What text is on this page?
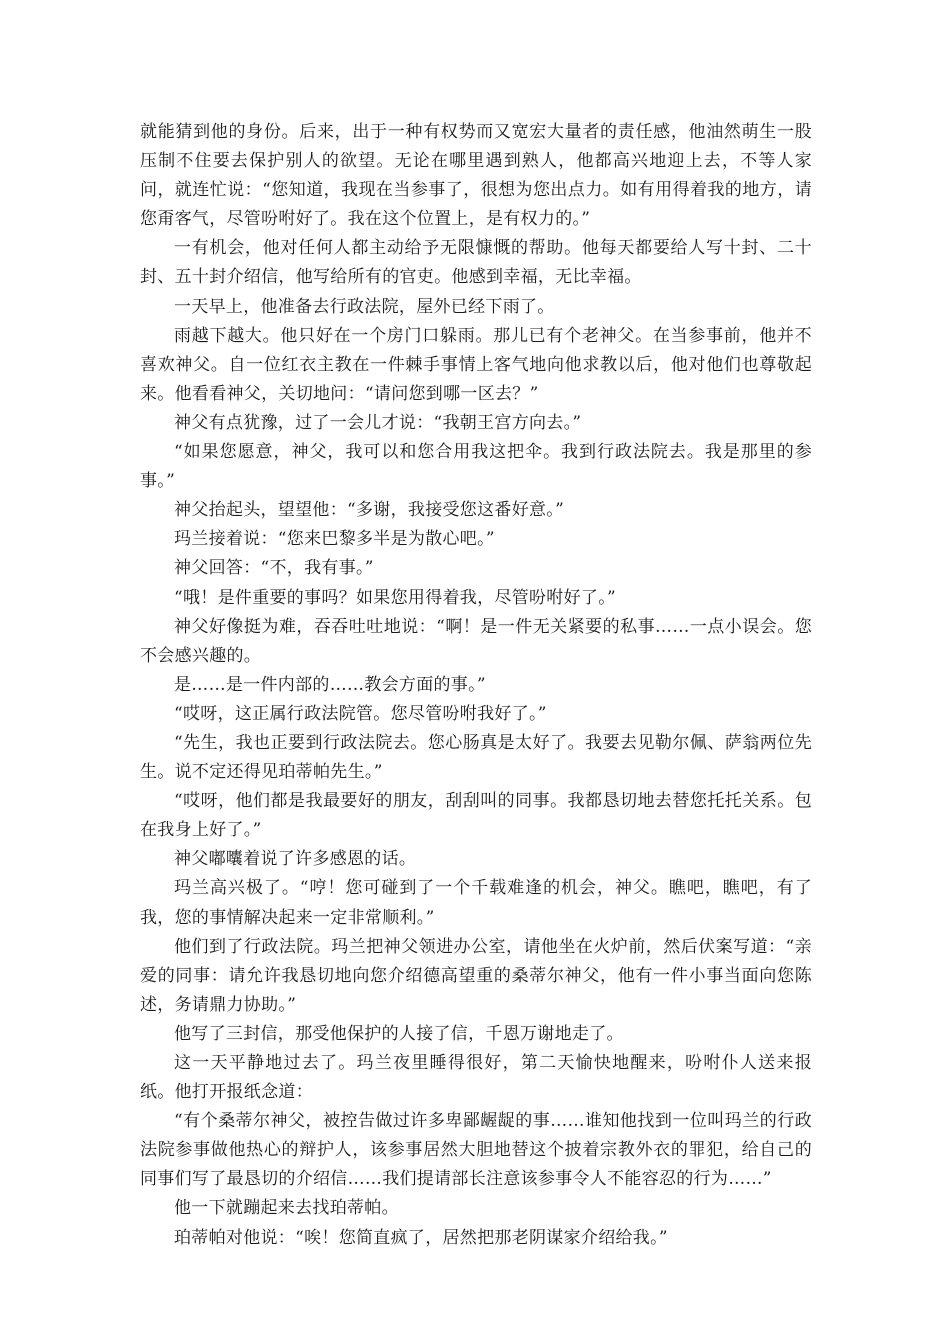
就能猜到他的身份。后来，出于一种有权势而又宽宏大量者的责任感，他油然萌生一股压制不住要去保护别人的欲望。无论在哪里遇到熟人，他都高兴地迎上去，不等人家问，就连忙说：“您知道，我现在当参事了，很想为您出点力。如有用得着我的地方，请您甭客气，尽管吩咐好了。我在这个位置上，是有权力的。”

一有机会，他对任何人都主动给予无限慷慨的帮助。他每天都要给人写十封、二十封、五十封介绍信，他写给所有的官吏。他感到幸福，无比幸福。

一天早上，他准备去行政法院，屋外已经下雨了。

雨越下越大。他只好在一个房门口躲雨。那儿已有个老神父。在当参事前，他并不喜欢神父。自一位红衣主教在一件棘手事情上客气地向他求教以后，他对他们也尊敬起来。他看看神父，关切地问：“请问您到哪一区去？”

神父有点犹豫，过了一会儿才说：“我朝王宫方向去。”

“如果您愿意，神父，我可以和您合用我这把伞。我到行政法院去。我是那里的参事。”

神父抬起头，望望他：“多谢，我接受您这番好意。”

玛兰接着说：“您来巴黎多半是为散心吧。”

神父回答：“不，我有事。”

“哦！是件重要的事吗？如果您用得着我，尽管吩咐好了。”

神父好像挺为难，吞吞吐吐地说：“啊！是一件无关紧要的私事……一点小误会。您不会感兴趣的。

是……是一件内部的……教会方面的事。”

“哎呀，这正属行政法院管。您尽管吩咐我好了。”

“先生，我也正要到行政法院去。您心肠真是太好了。我要去见勒尔佩、萨翁两位先生。说不定还得见珀蒂帕先生。”

“哎呀，他们都是我最要好的朋友，刮刮叫的同事。我都恳切地去替您托托关系。包在我身上好了。”

神父嘟囔着说了许多感恩的话。

玛兰高兴极了。“哼！您可碰到了一个千载难逢的机会，神父。瞧吧，瞧吧，有了我，您的事情解决起来一定非常顺利。”

他们到了行政法院。玛兰把神父领进办公室，请他坐在火炉前，然后伏案写道：“亲爱的同事：请允许我恳切地向您介绍德高望重的桑蒂尔神父，他有一件小事当面向您陈述，务请鼎力协助。”

他写了三封信，那受他保护的人接了信，千恩万谢地走了。

这一天平静地过去了。玛兰夜里睡得很好，第二天愉快地醒来，吩咐仆人送来报纸。他打开报纸念道：

“有个桑蒂尔神父，被控告做过许多卑鄙龌龊的事……谁知他找到一位叫玛兰的行政法院参事做他热心的辩护人，该参事居然大胆地替这个披着宗教外衣的罪犯，给自己的同事们写了最恳切的介绍信……我们提请部长注意该参事令人不能容忍的行为……”

他一下就蹦起来去找珀蒂帕。

珀蒂帕对他说：“唉！您简直疯了，居然把那老阴谋家介绍给我。”
